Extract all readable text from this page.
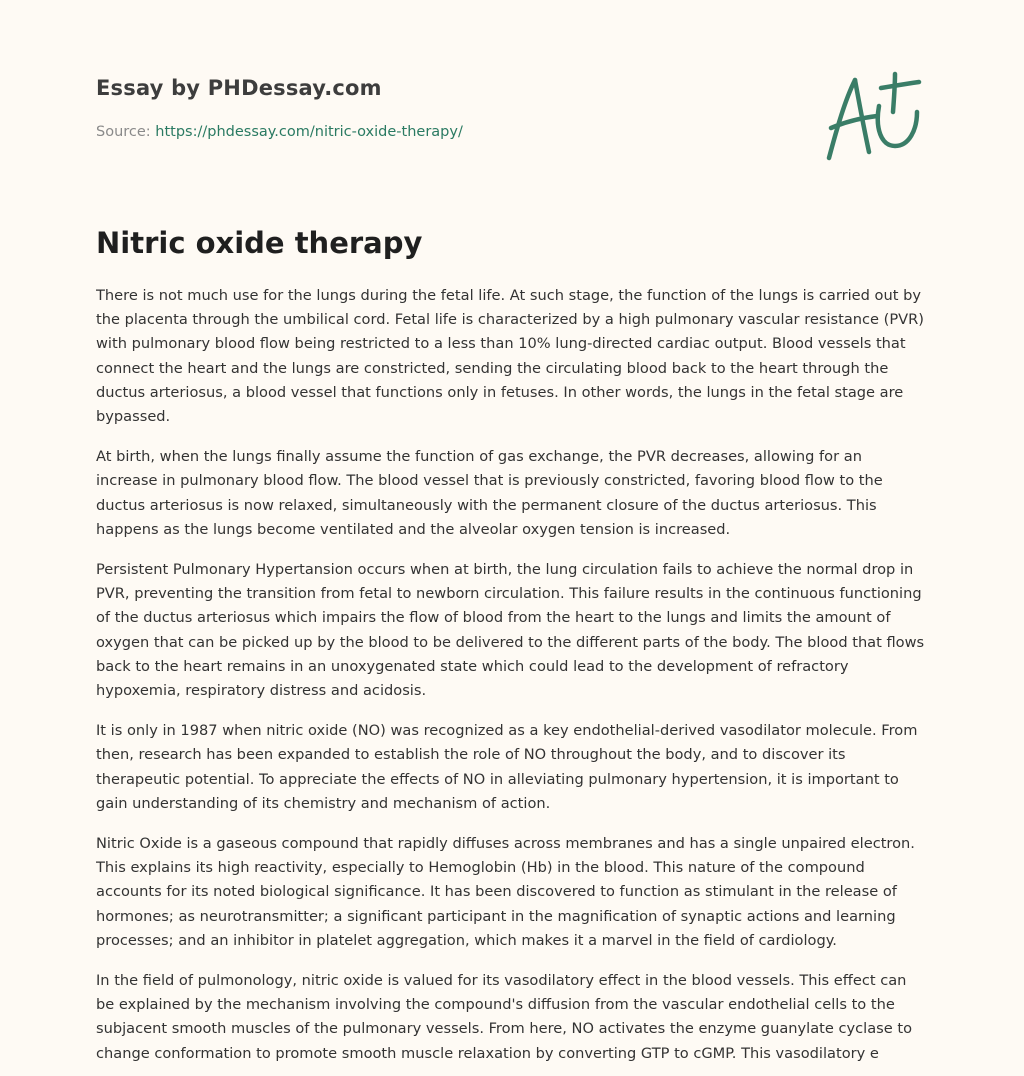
Essay by PHDessay.com

Source: https://phdessay.com/nitric-oxide-therapy/

Nitric oxide therapy

There is not much use for the lungs during the fetal life. At such stage, the function of the lungs is carried out by the placenta through the umbilical cord. Fetal life is characterized by a high pulmonary vascular resistance (PVR) with pulmonary blood flow being restricted to a less than 10% lung-directed cardiac output. Blood vessels that connect the heart and the lungs are constricted, sending the circulating blood back to the heart through the ductus arteriosus, a blood vessel that functions only in fetuses. In other words, the lungs in the fetal stage are bypassed.

At birth, when the lungs finally assume the function of gas exchange, the PVR decreases, allowing for an increase in pulmonary blood flow. The blood vessel that is previously constricted, favoring blood flow to the ductus arteriosus is now relaxed, simultaneously with the permanent closure of the ductus arteriosus. This happens as the lungs become ventilated and the alveolar oxygen tension is increased.

Persistent Pulmonary Hypertansion occurs when at birth, the lung circulation fails to achieve the normal drop in PVR, preventing the transition from fetal to newborn circulation. This failure results in the continuous functioning of the ductus arteriosus which impairs the flow of blood from the heart to the lungs and limits the amount of oxygen that can be picked up by the blood to be delivered to the different parts of the body. The blood that flows back to the heart remains in an unoxygenated state which could lead to the development of refractory hypoxemia, respiratory distress and acidosis.

It is only in 1987 when nitric oxide (NO) was recognized as a key endothelial-derived vasodilator molecule. From then, research has been expanded to establish the role of NO throughout the body, and to discover its therapeutic potential. To appreciate the effects of NO in alleviating pulmonary hypertension, it is important to gain understanding of its chemistry and mechanism of action.

Nitric Oxide is a gaseous compound that rapidly diffuses across membranes and has a single unpaired electron. This explains its high reactivity, especially to Hemoglobin (Hb) in the blood. This nature of the compound accounts for its noted biological significance. It has been discovered to function as stimulant in the release of hormones; as neurotransmitter; a significant participant in the magnification of synaptic actions and learning processes; and an inhibitor in platelet aggregation, which makes it a marvel in the field of cardiology.

In the field of pulmonology, nitric oxide is valued for its vasodilatory effect in the blood vessels. This effect can be explained by the mechanism involving the compound's diffusion from the vascular endothelial cells to the subjacent smooth muscles of the pulmonary vessels. From here, NO activates the enzyme guanylate cyclase to change conformation to promote smooth muscle relaxation by converting GTP to cGMP. This vasodilatory e
